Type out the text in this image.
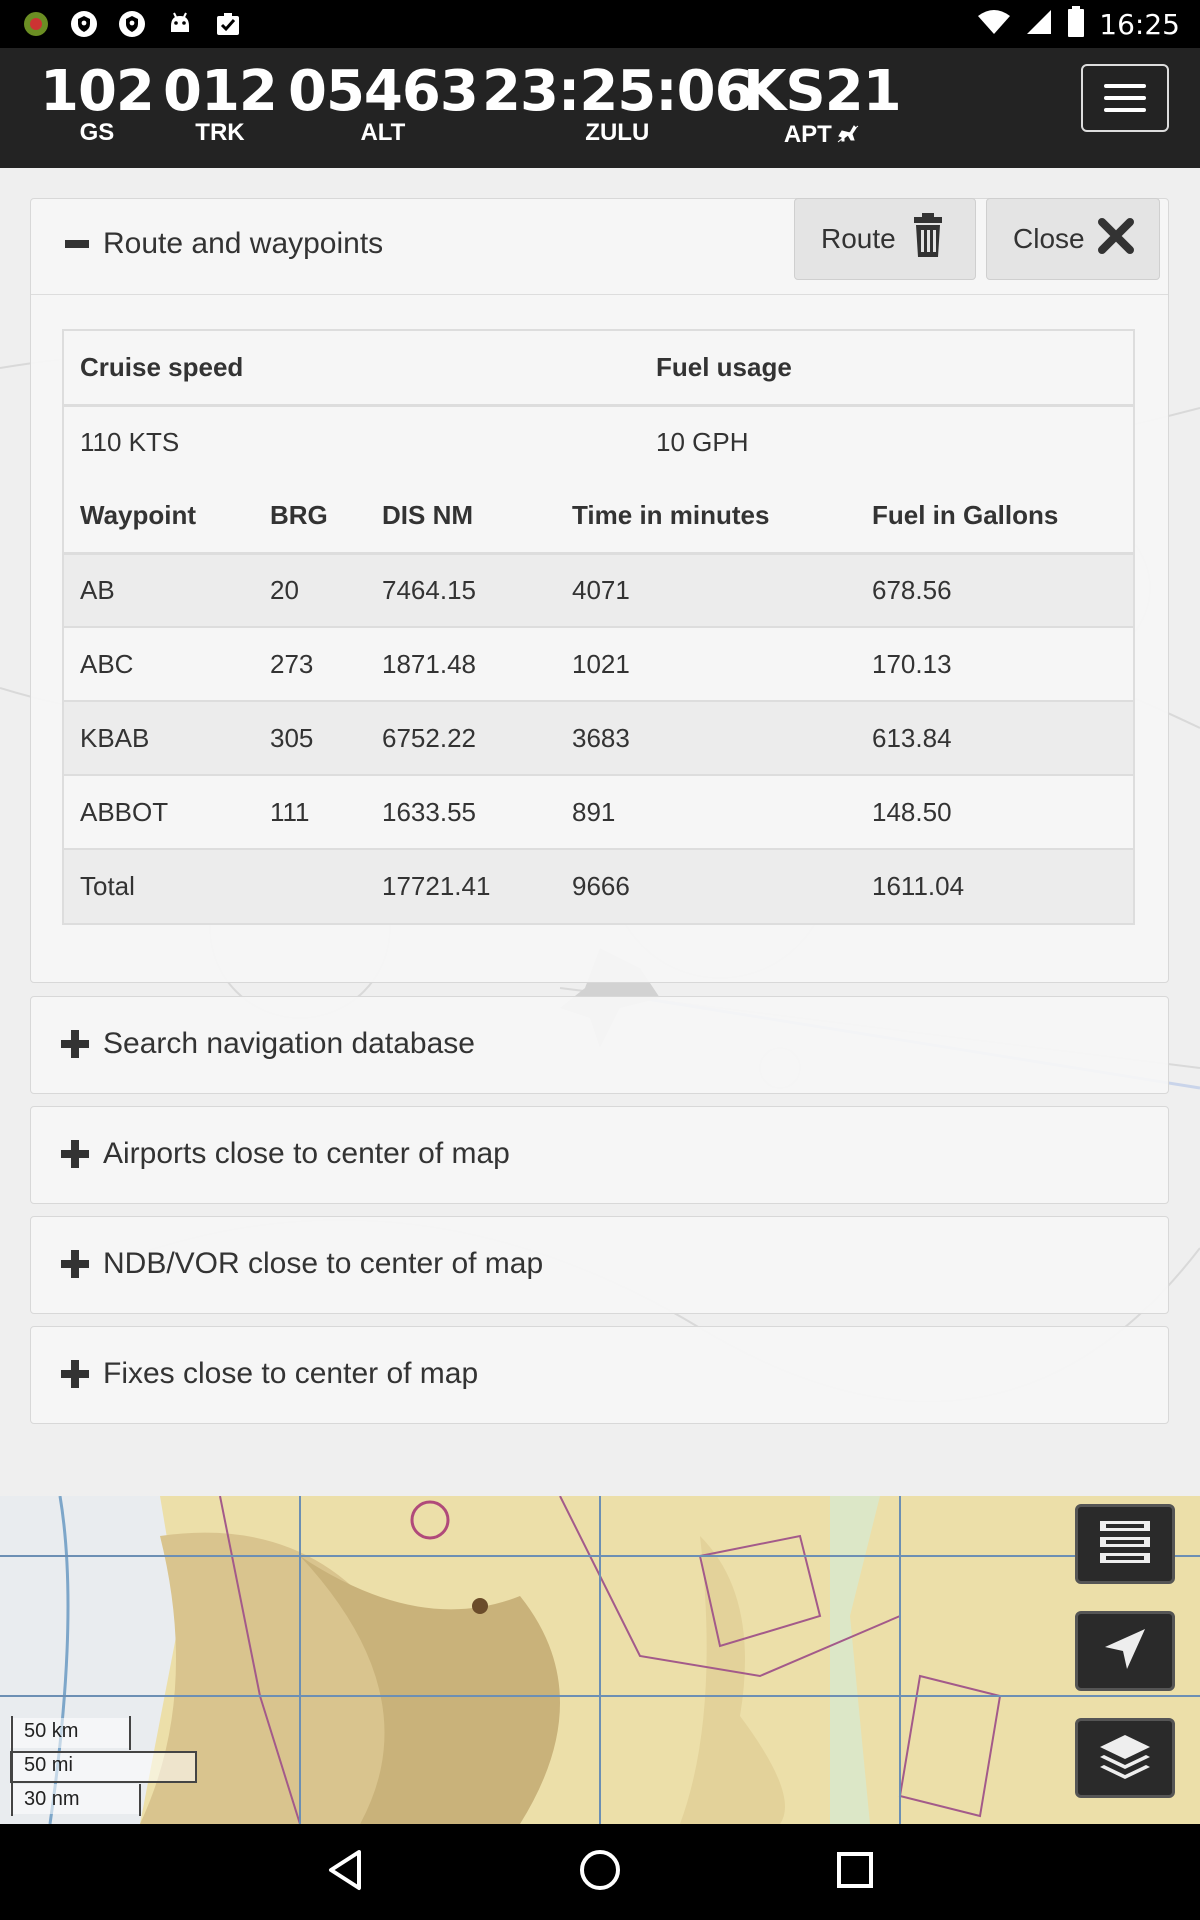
16:25
102
GS
012
TRK
05463
ALT
23:25:06
ZULU
KS21
APT
Route and waypoints	Route	Close
Cruise speed	Fuel usage
110 KTS	10 GPH
Waypoint	BRG	DIS NM	Time in minutes	Fuel in Gallons
AB	20	7464.15	4071	678.56
ABC	273	1871.48	1021	170.13
KBAB	305	6752.22	3683	613.84
ABBOT	111	1633.55	891	148.50
Total		17721.41	9666	1611.04
Search navigation database
Airports close to center of map
NDB/VOR close to center of map
Fixes close to center of map
50 km
50 mi
30 nm
